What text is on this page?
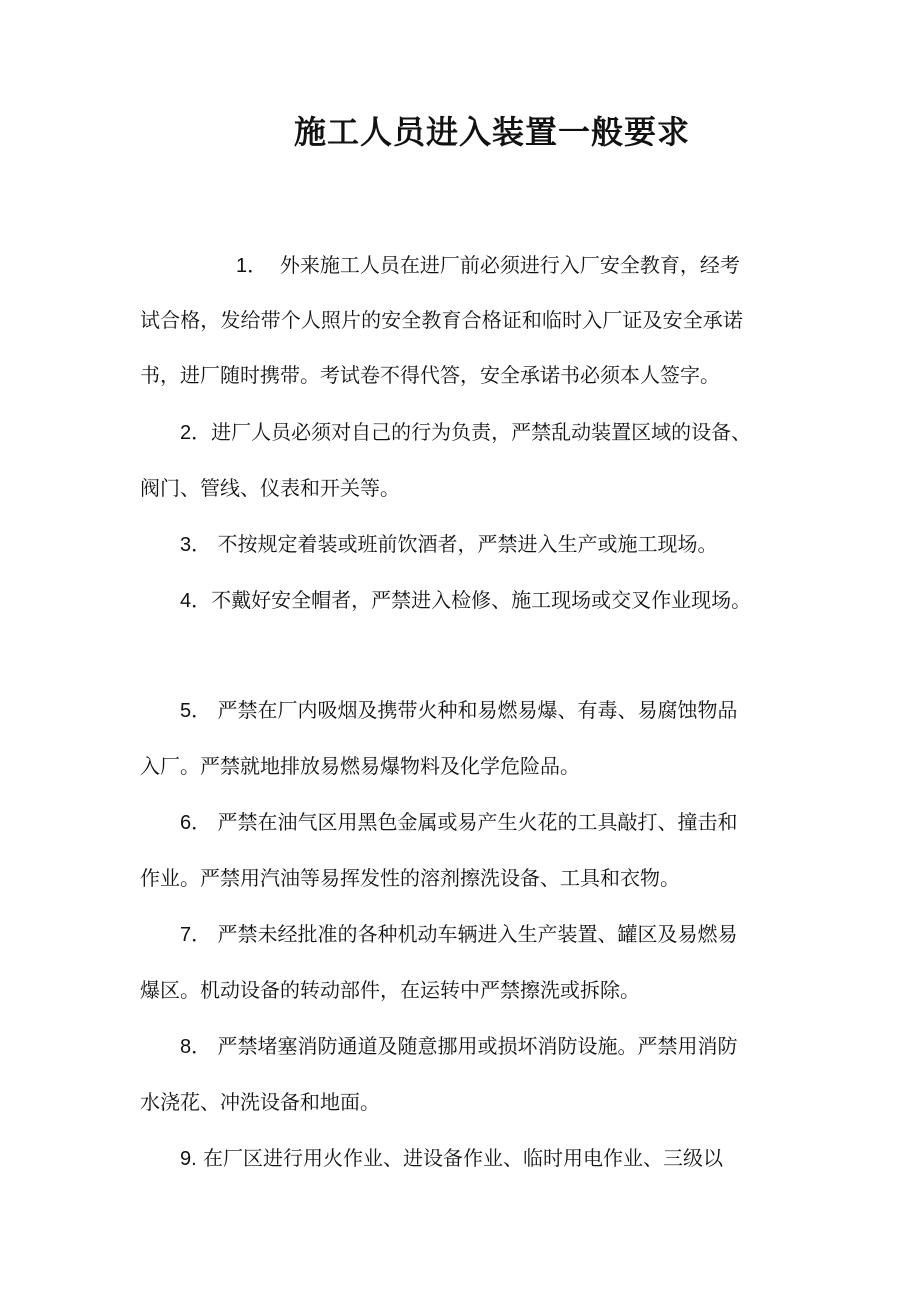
施工人员进入装置一般要求
1． 外来施工人员在进厂前必须进行入厂安全教育，经考
试合格，发给带个人照片的安全教育合格证和临时入厂证及安全承诺
书，进厂随时携带。考试卷不得代答，安全承诺书必须本人签字。
2．进厂人员必须对自己的行为负责，严禁乱动装置区域的设备、
阀门、管线、仪表和开关等。
3． 不按规定着装或班前饮酒者，严禁进入生产或施工现场。
4．不戴好安全帽者，严禁进入检修、施工现场或交叉作业现场。
5． 严禁在厂内吸烟及携带火种和易燃易爆、有毒、易腐蚀物品
入厂。严禁就地排放易燃易爆物料及化学危险品。
6． 严禁在油气区用黑色金属或易产生火花的工具敲打、撞击和
作业。严禁用汽油等易挥发性的溶剂擦洗设备、工具和衣物。
7． 严禁未经批准的各种机动车辆进入生产装置、罐区及易燃易
爆区。机动设备的转动部件，在运转中严禁擦洗或拆除。
8． 严禁堵塞消防通道及随意挪用或损坏消防设施。严禁用消防
水浇花、冲洗设备和地面。
9. 在厂区进行用火作业、进设备作业、临时用电作业、三级以
